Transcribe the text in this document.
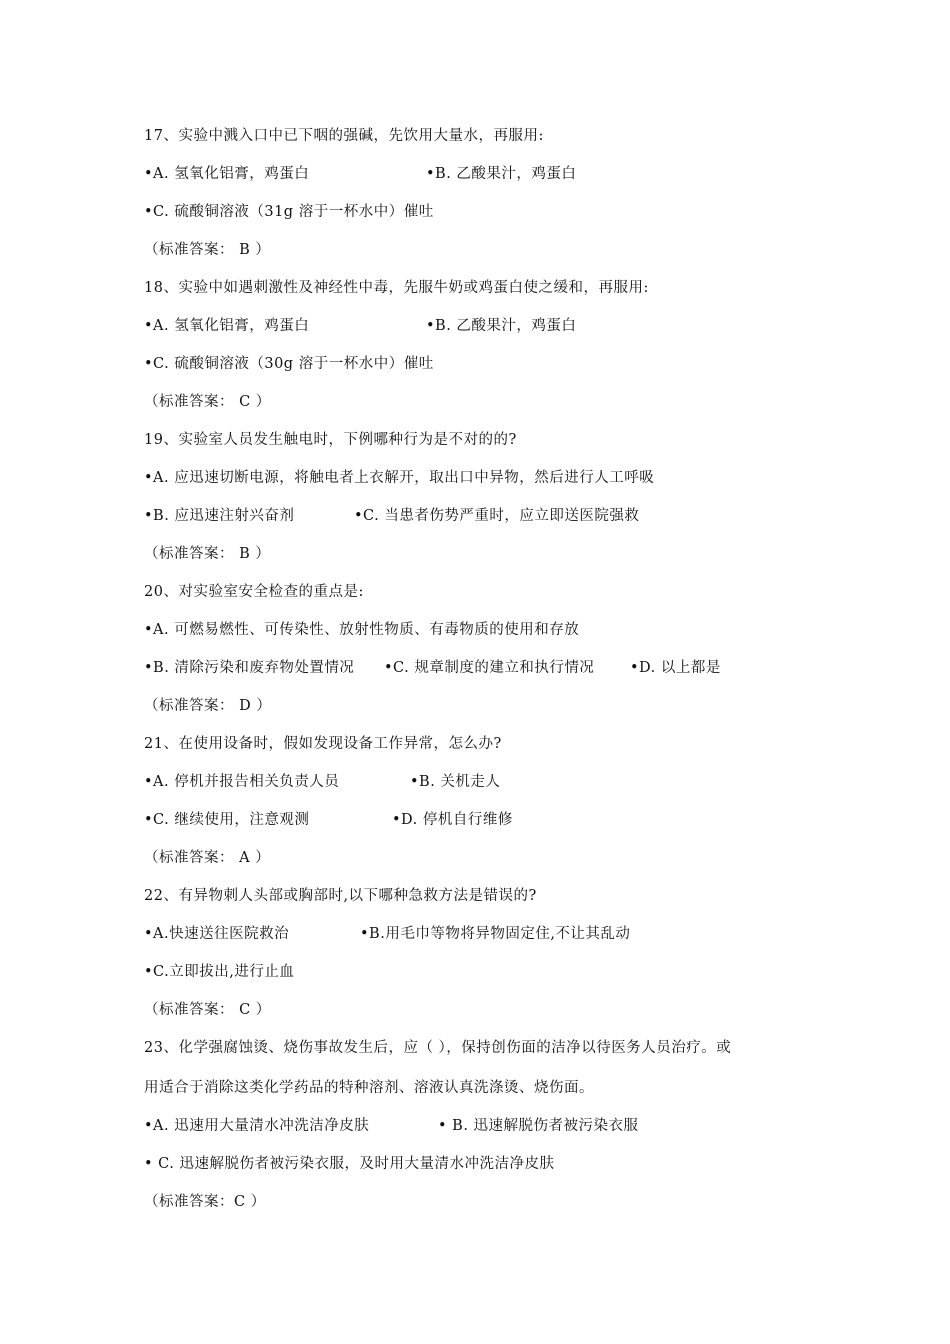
17、实验中溅入口中已下咽的强碱，先饮用大量水，再服用:
•A. 氢氧化铝膏，鸡蛋白	•B. 乙酸果汁，鸡蛋白
•C. 硫酸铜溶液（31g 溶于一杯水中）催吐
（标准答案： B ）
18、实验中如遇刺激性及神经性中毒，先服牛奶或鸡蛋白使之缓和，再服用:
•A. 氢氧化铝膏，鸡蛋白	•B. 乙酸果汁，鸡蛋白
•C. 硫酸铜溶液（30g 溶于一杯水中）催吐
（标准答案： C ）
19、实验室人员发生触电时，下例哪种行为是不对的的?
•A. 应迅速切断电源，将触电者上衣解开，取出口中异物，然后进行人工呼吸
•B. 应迅速注射兴奋剂	•C. 当患者伤势严重时，应立即送医院强救
（标准答案： B ）
20、对实验室安全检查的重点是:
•A. 可燃易燃性、可传染性、放射性物质、有毒物质的使用和存放
•B. 清除污染和废弃物处置情况 •C. 规章制度的建立和执行情况 •D. 以上都是
（标准答案： D ）
21、在使用设备时，假如发现设备工作异常，怎么办?
•A. 停机并报告相关负责人员	•B. 关机走人
•C. 继续使用，注意观测	•D. 停机自行维修
（标准答案： A ）
22、有异物刺人头部或胸部时,以下哪种急救方法是错误的?
•A.快速送往医院救治	•B.用毛巾等物将异物固定住,不让其乱动
•C.立即拔出,进行止血
（标准答案： C ）
23、化学强腐蚀烫、烧伤事故发生后，应（ ），保持创伤面的洁净以待医务人员治疗。或
用适合于消除这类化学药品的特种溶剂、溶液认真洗涤烫、烧伤面。
•A. 迅速用大量清水冲洗洁净皮肤	• B. 迅速解脱伤者被污染衣服
• C. 迅速解脱伤者被污染衣服，及时用大量清水冲洗洁净皮肤
（标准答案：C ）
